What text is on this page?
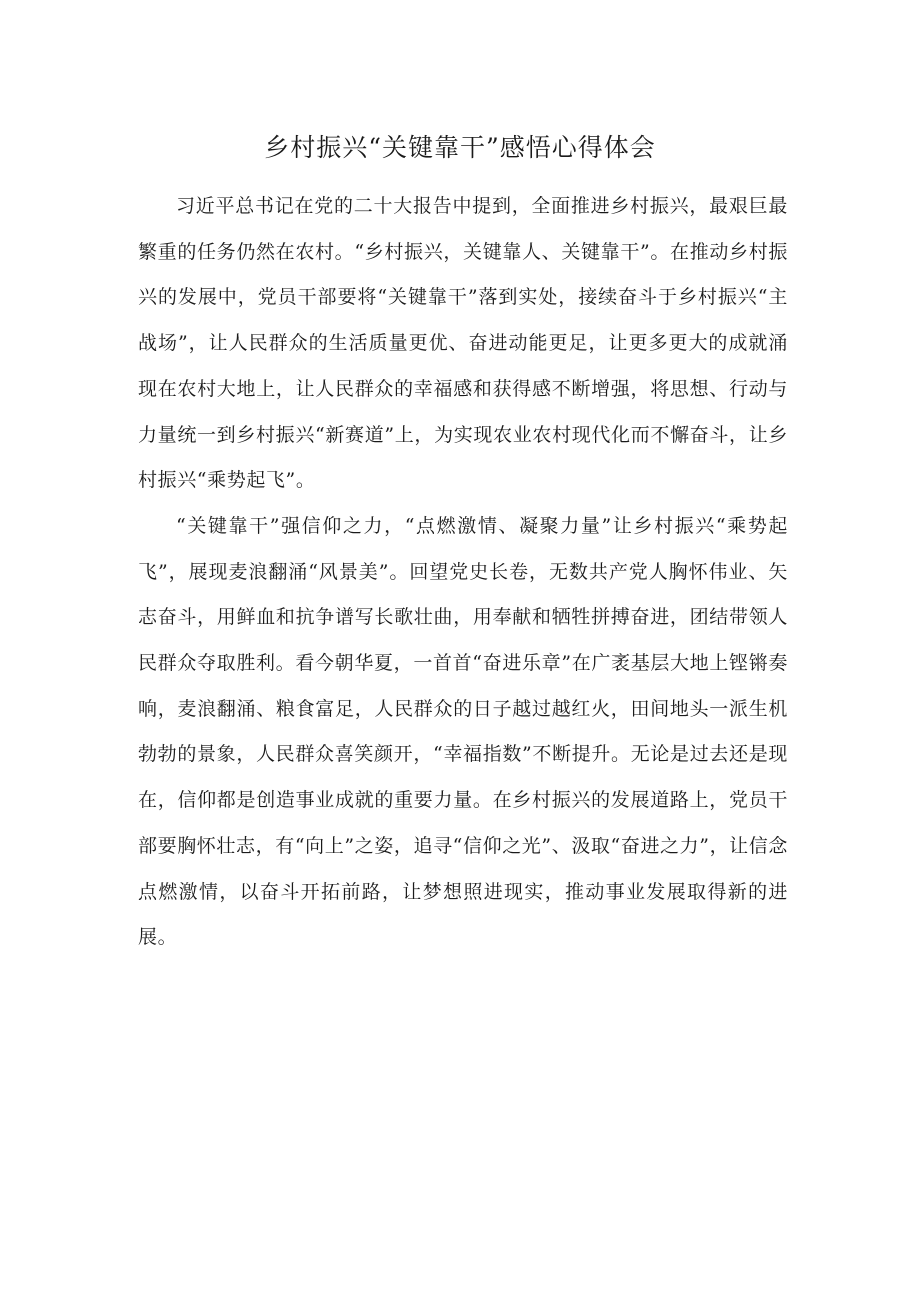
乡村振兴“关键靠干”感悟心得体会

习近平总书记在党的二十大报告中提到，全面推进乡村振兴，最艰巨最繁重的任务仍然在农村。“乡村振兴，关键靠人、关键靠干”。在推动乡村振兴的发展中，党员干部要将“关键靠干”落到实处，接续奋斗于乡村振兴“主战场”，让人民群众的生活质量更优、奋进动能更足，让更多更大的成就涌现在农村大地上，让人民群众的幸福感和获得感不断增强，将思想、行动与力量统一到乡村振兴“新赛道”上，为实现农业农村现代化而不懈奋斗，让乡村振兴“乘势起飞”。

“关键靠干”强信仰之力，“点燃激情、凝聚力量”让乡村振兴“乘势起飞”，展现麦浪翻涌“风景美”。回望党史长卷，无数共产党人胸怀伟业、矢志奋斗，用鲜血和抗争谱写长歌壮曲，用奉献和牺牲拼搏奋进，团结带领人民群众夺取胜利。看今朝华夏，一首首“奋进乐章”在广袤基层大地上铿锵奏响，麦浪翻涌、粮食富足，人民群众的日子越过越红火，田间地头一派生机勃勃的景象，人民群众喜笑颜开，“幸福指数”不断提升。无论是过去还是现在，信仰都是创造事业成就的重要力量。在乡村振兴的发展道路上，党员干部要胸怀壮志，有“向上”之姿，追寻“信仰之光”、汲取“奋进之力”，让信念点燃激情，以奋斗开拓前路，让梦想照进现实，推动事业发展取得新的进展。
